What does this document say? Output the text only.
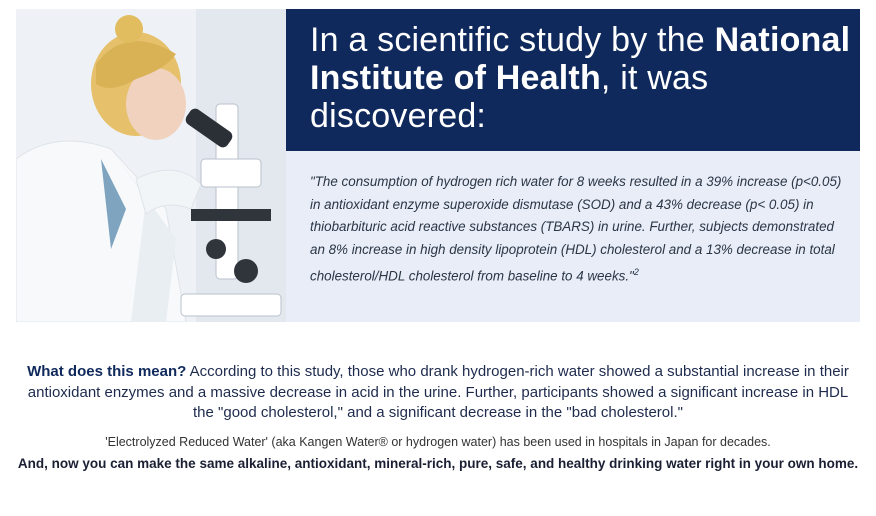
In a scientific study by the National Institute of Health, it was discovered:
"The consumption of hydrogen rich water for 8 weeks resulted in a 39% increase (p<0.05) in antioxidant enzyme superoxide dismutase (SOD) and a 43% decrease (p< 0.05) in thiobarbituric acid reactive substances (TBARS) in urine. Further, subjects demonstrated an 8% increase in high density lipoprotein (HDL) cholesterol and a 13% decrease in total cholesterol/HDL cholesterol from baseline to 4 weeks."$^2$

What does this mean? According to this study, those who drank hydrogen-rich water showed a substantial increase in their antioxidant enzymes and a massive decrease in acid in the urine. Further, participants showed a significant increase in HDL the "good cholesterol," and a significant decrease in the "bad cholesterol."

'Electrolyzed Reduced Water' (aka Kangen Water® or hydrogen water) has been used in hospitals in Japan for decades.

And, now you can make the same alkaline, antioxidant, mineral-rich, pure, safe, and healthy drinking water right in your own home.
